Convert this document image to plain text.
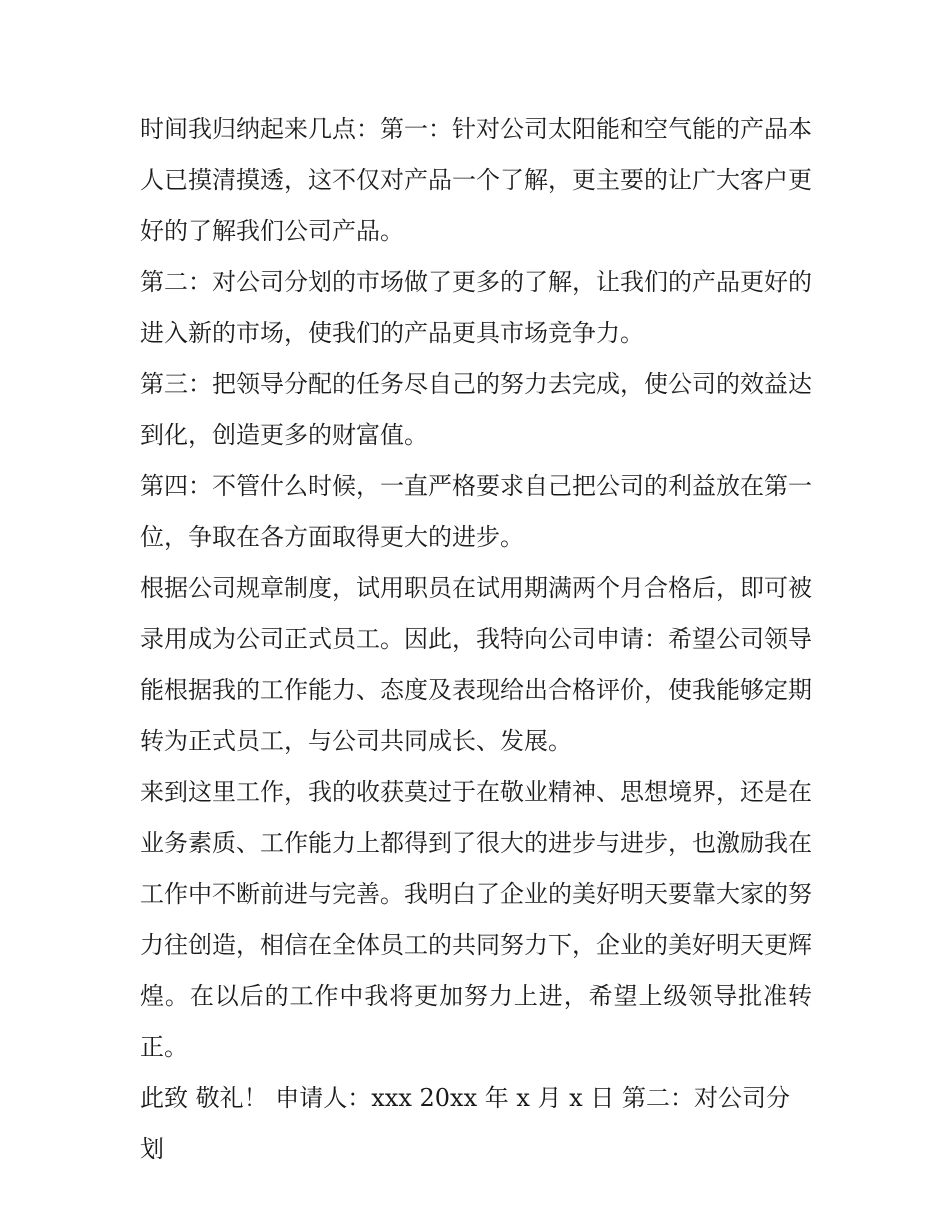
时间我归纳起来几点：第一：针对公司太阳能和空气能的产品本人已摸清摸透，这不仅对产品一个了解，更主要的让广大客户更好的了解我们公司产品。

第二：对公司分划的市场做了更多的了解，让我们的产品更好的进入新的市场，使我们的产品更具市场竞争力。

第三：把领导分配的任务尽自己的努力去完成，使公司的效益达到化，创造更多的财富值。

第四：不管什么时候，一直严格要求自己把公司的利益放在第一位，争取在各方面取得更大的进步。

根据公司规章制度，试用职员在试用期满两个月合格后，即可被录用成为公司正式员工。因此，我特向公司申请：希望公司领导能根据我的工作能力、态度及表现给出合格评价，使我能够定期转为正式员工，与公司共同成长、发展。

来到这里工作，我的收获莫过于在敬业精神、思想境界，还是在业务素质、工作能力上都得到了很大的进步与进步，也激励我在工作中不断前进与完善。我明白了企业的美好明天要靠大家的努力往创造，相信在全体员工的共同努力下，企业的美好明天更辉煌。在以后的工作中我将更加努力上进，希望上级领导批准转正。

此致 敬礼！ 申请人：xxx 20xx 年 x 月 x 日 第二：对公司分划
